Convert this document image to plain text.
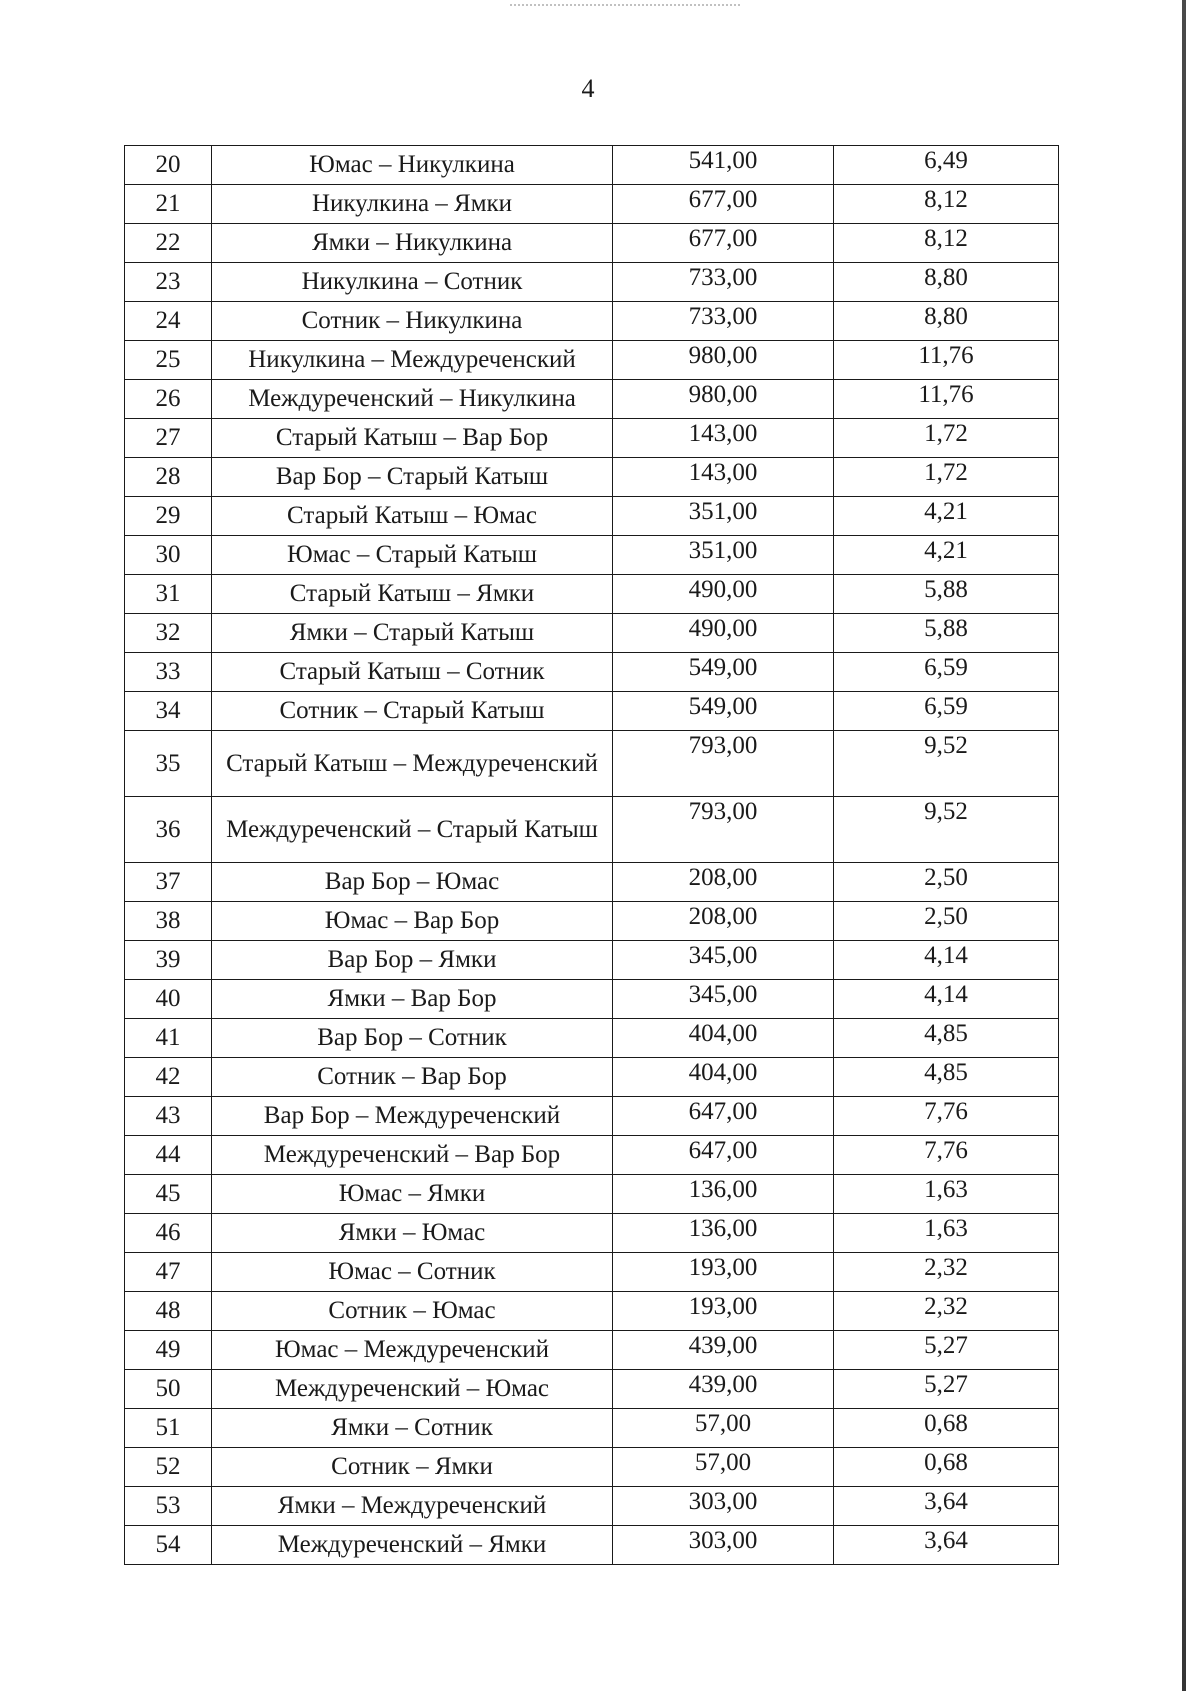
4
20	Юмас – Никулкина	541,00	6,49
21	Никулкина – Ямки	677,00	8,12
22	Ямки – Никулкина	677,00	8,12
23	Никулкина – Сотник	733,00	8,80
24	Сотник – Никулкина	733,00	8,80
25	Никулкина – Междуреченский	980,00	11,76
26	Междуреченский – Никулкина	980,00	11,76
27	Старый Катыш – Вар Бор	143,00	1,72
28	Вар Бор – Старый Катыш	143,00	1,72
29	Старый Катыш – Юмас	351,00	4,21
30	Юмас – Старый Катыш	351,00	4,21
31	Старый Катыш – Ямки	490,00	5,88
32	Ямки – Старый Катыш	490,00	5,88
33	Старый Катыш – Сотник	549,00	6,59
34	Сотник – Старый Катыш	549,00	6,59
35	Старый Катыш – Междуреченский	793,00	9,52
36	Междуреченский – Старый Катыш	793,00	9,52
37	Вар Бор – Юмас	208,00	2,50
38	Юмас – Вар Бор	208,00	2,50
39	Вар Бор – Ямки	345,00	4,14
40	Ямки – Вар Бор	345,00	4,14
41	Вар Бор – Сотник	404,00	4,85
42	Сотник – Вар Бор	404,00	4,85
43	Вар Бор – Междуреченский	647,00	7,76
44	Междуреченский – Вар Бор	647,00	7,76
45	Юмас – Ямки	136,00	1,63
46	Ямки – Юмас	136,00	1,63
47	Юмас – Сотник	193,00	2,32
48	Сотник – Юмас	193,00	2,32
49	Юмас – Междуреченский	439,00	5,27
50	Междуреченский – Юмас	439,00	5,27
51	Ямки – Сотник	57,00	0,68
52	Сотник – Ямки	57,00	0,68
53	Ямки – Междуреченский	303,00	3,64
54	Междуреченский – Ямки	303,00	3,64
